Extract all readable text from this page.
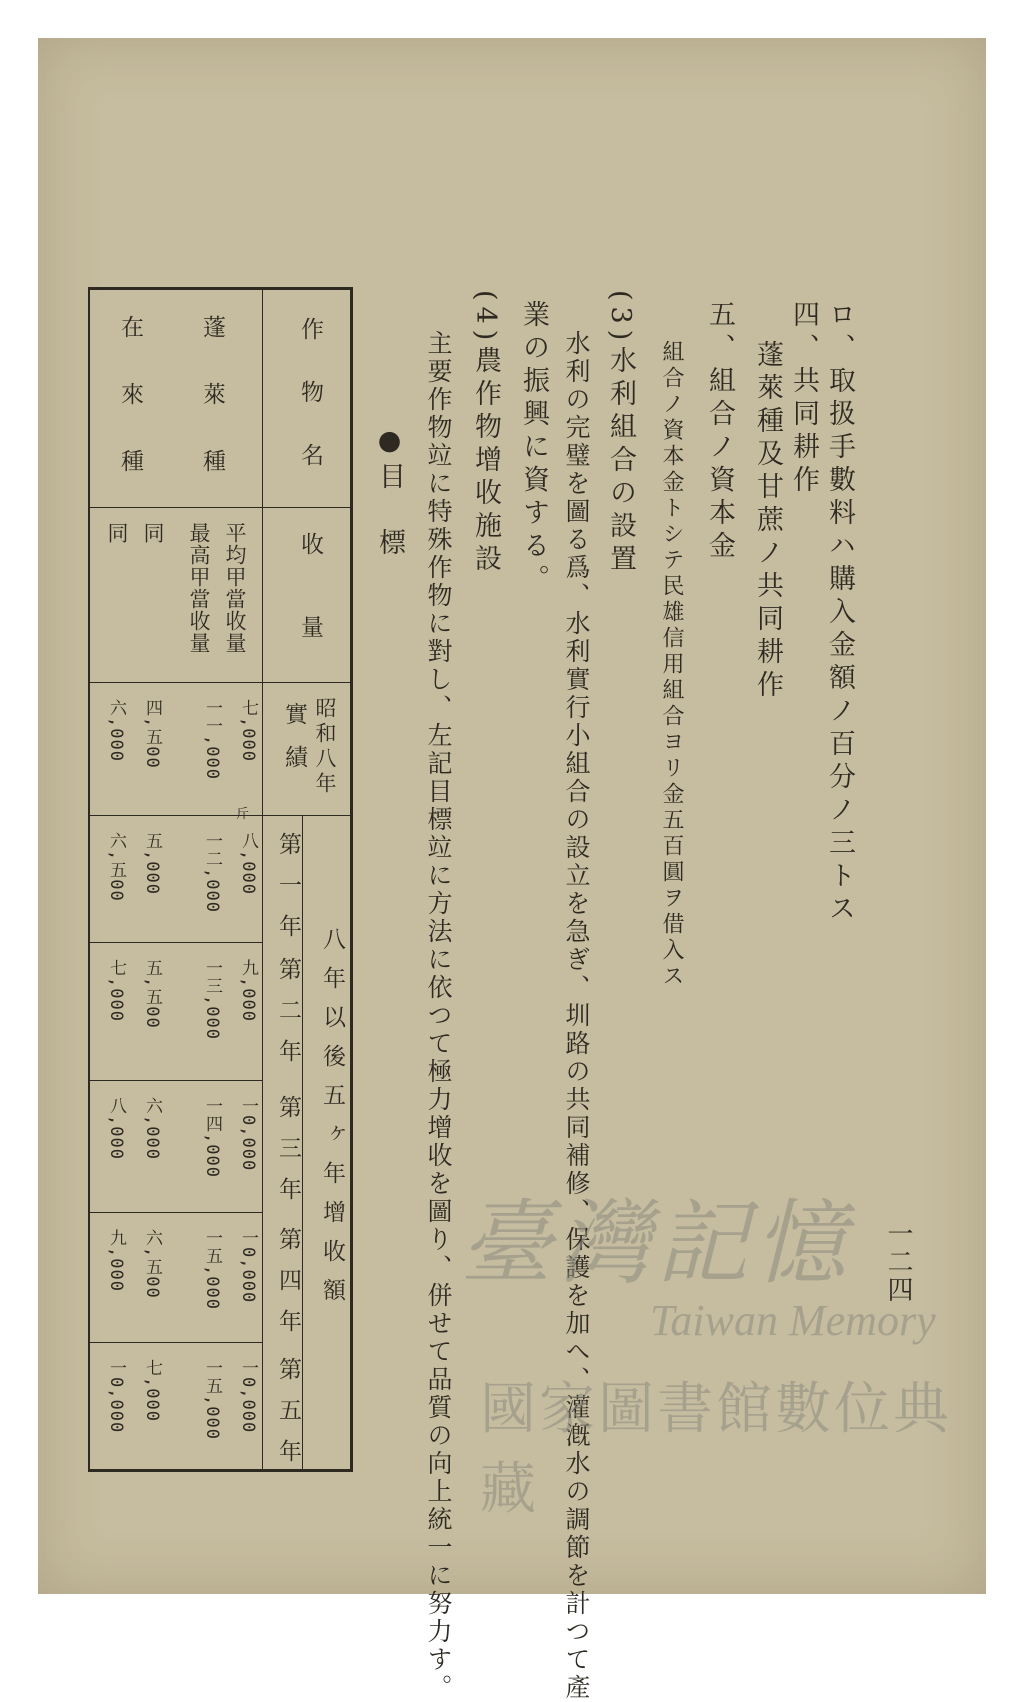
ロ、取扱手數料ハ購入金額ノ百分ノ三トス
四、共同耕作
蓬萊種及甘蔗ノ共同耕作
五、組合ノ資本金
組合ノ資本金トシテ民雄信用組合ヨリ金五百圓ヲ借入ス
(3)水利組合の設置
水利の完璧を圖る爲、水利實行小組合の設立を急ぎ、圳路の共同補修、保護を加へ、灌漑水の調節を計つて產
業の振興に資する。
(4)農作物增收施設
主要作物竝に特殊作物に對し、左記目標竝に方法に依つて極力增收を圖り、併せて品質の向上統一に努力す。
●目　標
一二四
作物名
收量
昭和八年
實績
八年以後五ヶ年增收額
第一年
第二年
第三年
第四年
第五年
蓬萊種
在來種
平均甲當收量
最高甲當收量
同
同
斤
七,000
八,000
九,000
一0,000
一0,000
一0,000
一一,000
一二,000
一三,000
一四,000
一五,000
一五,000
四,五00
五,000
五,五00
六,000
六,五00
七,000
六,000
六,五00
七,000
八,000
九,000
一0,000
臺灣記憶
Taiwan Memory
國家圖書館數位典藏
